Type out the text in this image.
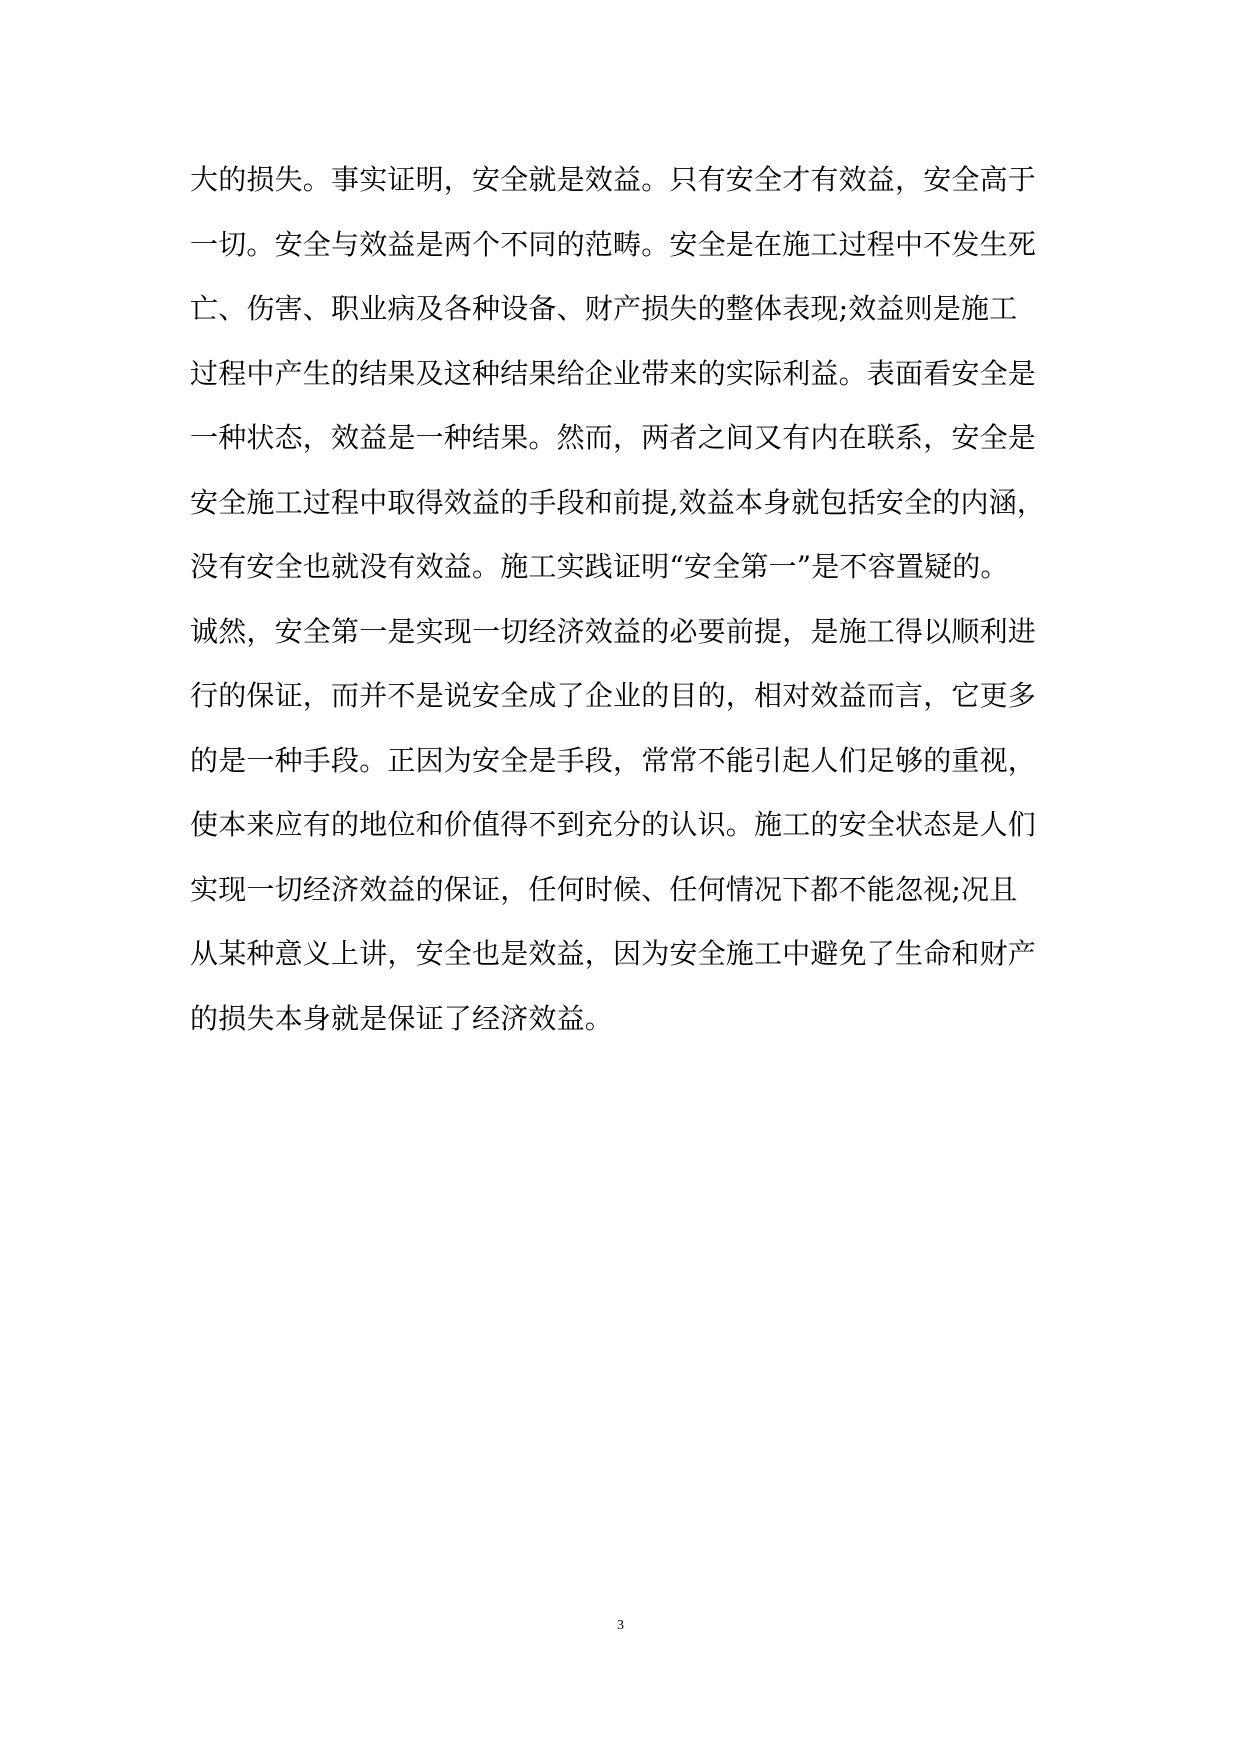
大的损失。事实证明，安全就是效益。只有安全才有效益，安全高于
一切。安全与效益是两个不同的范畴。安全是在施工过程中不发生死
亡、伤害、职业病及各种设备、财产损失的整体表现;效益则是施工
过程中产生的结果及这种结果给企业带来的实际利益。表面看安全是
一种状态，效益是一种结果。然而，两者之间又有内在联系，安全是
安全施工过程中取得效益的手段和前提,效益本身就包括安全的内涵，
没有安全也就没有效益。施工实践证明“安全第一”是不容置疑的。
诚然，安全第一是实现一切经济效益的必要前提，是施工得以顺利进
行的保证，而并不是说安全成了企业的目的，相对效益而言，它更多
的是一种手段。正因为安全是手段，常常不能引起人们足够的重视，
使本来应有的地位和价值得不到充分的认识。施工的安全状态是人们
实现一切经济效益的保证，任何时候、任何情况下都不能忽视;况且
从某种意义上讲，安全也是效益，因为安全施工中避免了生命和财产
的损失本身就是保证了经济效益。
3
